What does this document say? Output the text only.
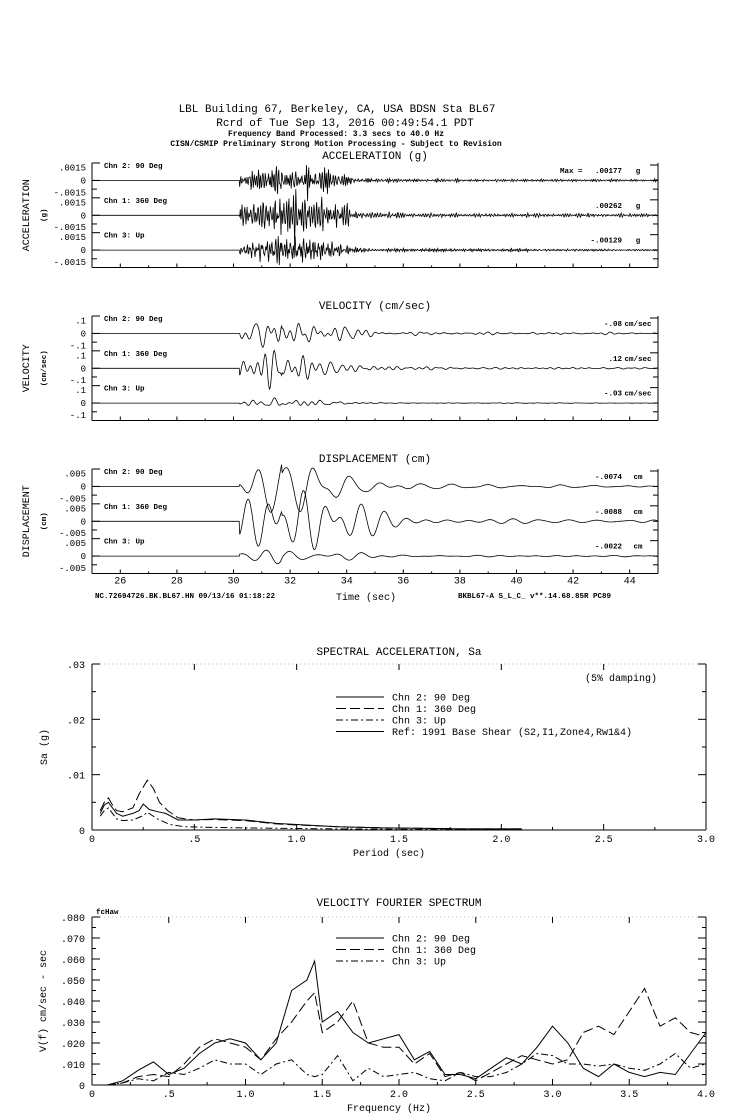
LBL Building 67, Berkeley, CA, USA BDSN Sta BL67
Rcrd of Tue Sep 13, 2016 00:49:54.1 PDT
Frequency Band Processed: 3.3 secs to 40.0 Hz
CISN/CSMIP Preliminary Strong Motion Processing - Subject to Revision
NC.72694726.BK.BL67.HN 09/13/16 01:18:22	BKBL67-A S_L_C_ v**.14.68.85R PC89
ACCELERATION (g)
ACCELERATION (g)
.0015
0
-.0015
Chn 2: 90 Deg
Max = .00177 g
.0015
0
-.0015
Chn 1: 360 Deg
.00262 g
.0015
0
-.0015
Chn 3: Up
-.00129 g
VELOCITY (cm/sec)
VELOCITY (cm/sec)
.1
0
-.1
Chn 2: 90 Deg
-.08 cm/sec
.1
0
-.1
Chn 1: 360 Deg
.12 cm/sec
.1
0
-.1
Chn 3: Up
-.03 cm/sec
DISPLACEMENT (cm)
DISPLACEMENT (cm)
.005
0
-.005
Chn 2: 90 Deg
-.0074 cm
.005
0
-.005
Chn 1: 360 Deg
-.0088 cm
.005
0
-.005
Chn 3: Up
-.0022 cm
26	28	30	32	34	36	38	40	42	44
Time (sec)
SPECTRAL ACCELERATION, Sa
0	.5	1.0	1.5	2.0	2.5	3.0
.03
.02
.01
0
Period (sec)
Sa (g)
Chn 2: 90 Deg
Chn 1: 360 Deg
Chn 3: Up
Ref: 1991 Base Shear (S2,I1,Zone4,Rw1&4)
(5% damping)
VELOCITY FOURIER SPECTRUM
0	.5	1.0	1.5	2.0	2.5	3.0	3.5	4.0
.080
.070
.060
.050
.040
.030
.020
.010
0
Frequency (Hz)
V(f) cm/sec - sec
Chn 2: 90 Deg
Chn 1: 360 Deg
Chn 3: Up
fcHaw
